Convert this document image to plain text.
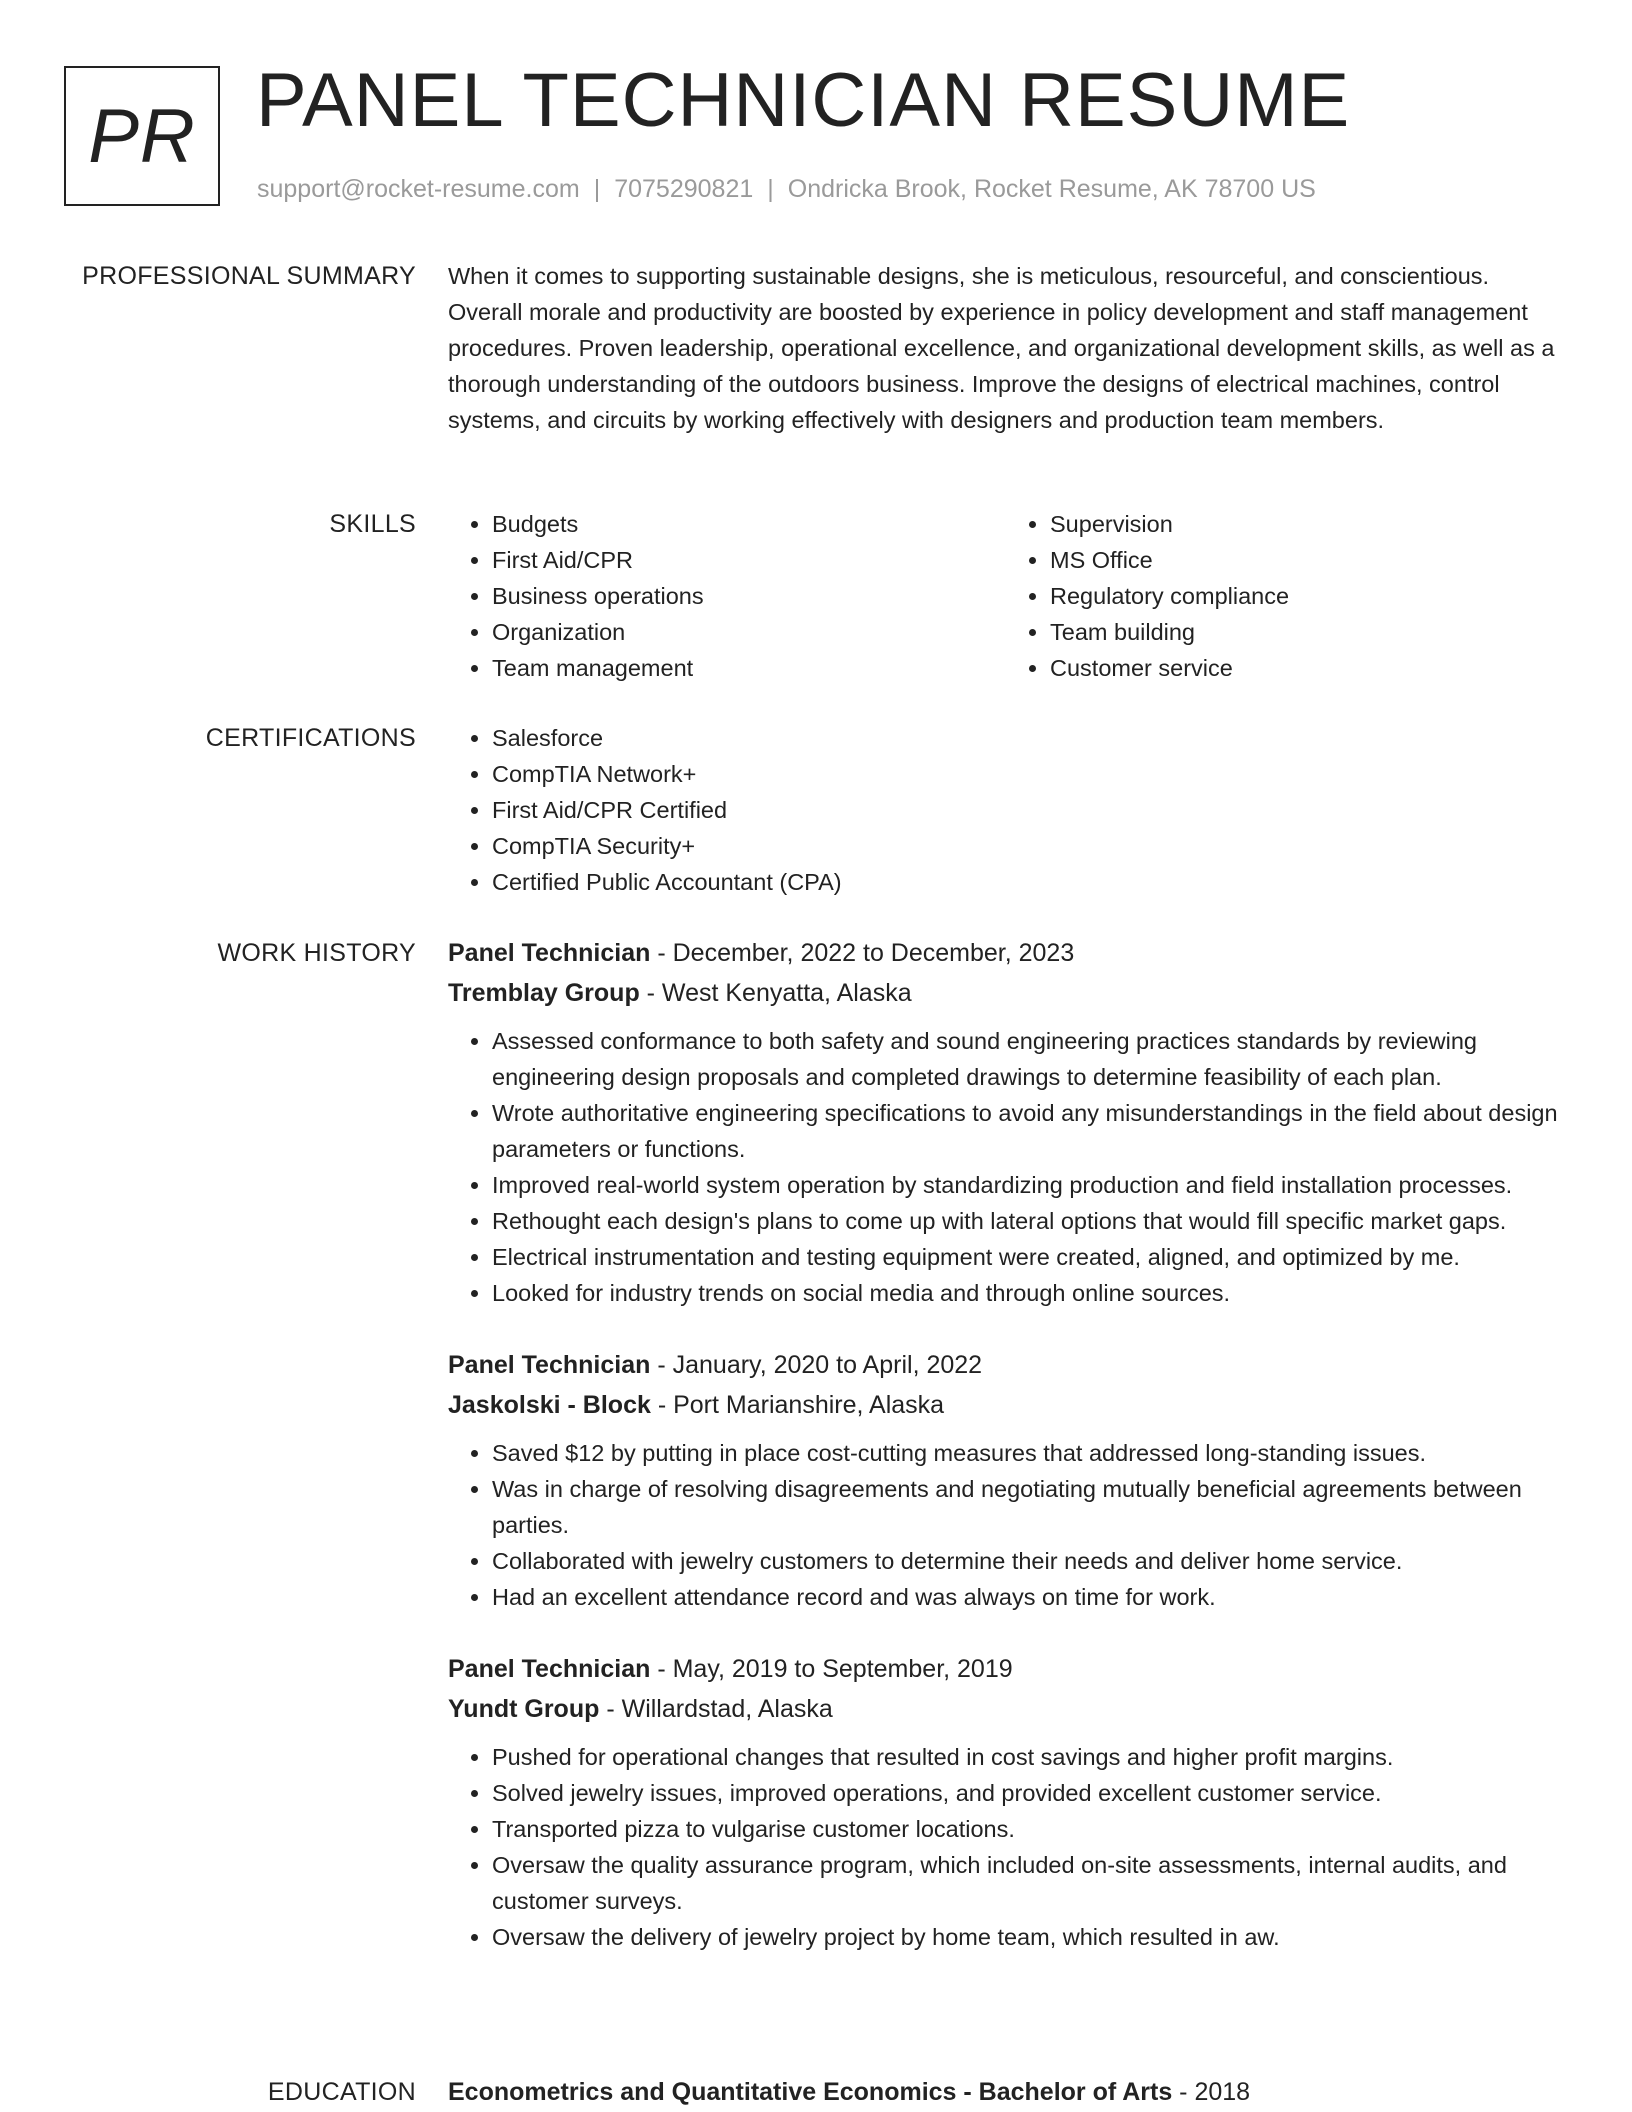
PR PANEL TECHNICIAN RESUME
support@rocket-resume.com | 7075290821 | Ondricka Brook, Rocket Resume, AK 78700 US
PROFESSIONAL SUMMARY When it comes to supporting sustainable designs, she is meticulous, resourceful, and conscientious. Overall morale and productivity are boosted by experience in policy development and staff management procedures. Proven leadership, operational excellence, and organizational development skills, as well as a thorough understanding of the outdoors business. Improve the designs of electrical machines, control systems, and circuits by working effectively with designers and production team members.

SKILLS	• Budgets
• First Aid/CPR
• Business operations
• Organization
• Team management
• Supervision
• MS Office
• Regulatory compliance
• Team building
• Customer service
CERTIFICATIONS	• Salesforce
• CompTIA Network+
• First Aid/CPR Certified
• CompTIA Security+
• Certified Public Accountant (CPA)
WORK HISTORY Panel Technician - December, 2022 to December, 2023
Tremblay Group - West Kenyatta, Alaska
• Assessed conformance to both safety and sound engineering practices standards by reviewing engineering design proposals and completed drawings to determine feasibility of each plan.
• Wrote authoritative engineering specifications to avoid any misunderstandings in the field about design parameters or functions.
• Improved real-world system operation by standardizing production and field installation processes.
• Rethought each design's plans to come up with lateral options that would fill specific market gaps.
• Electrical instrumentation and testing equipment were created, aligned, and optimized by me.
• Looked for industry trends on social media and through online sources.
Panel Technician - January, 2020 to April, 2022
Jaskolski - Block - Port Marianshire, Alaska
• Saved $12 by putting in place cost-cutting measures that addressed long-standing issues.
• Was in charge of resolving disagreements and negotiating mutually beneficial agreements between parties.
• Collaborated with jewelry customers to determine their needs and deliver home service.
• Had an excellent attendance record and was always on time for work.
Panel Technician - May, 2019 to September, 2019
Yundt Group - Willardstad, Alaska
• Pushed for operational changes that resulted in cost savings and higher profit margins.
• Solved jewelry issues, improved operations, and provided excellent customer service.
• Transported pizza to vulgarise customer locations.
• Oversaw the quality assurance program, which included on-site assessments, internal audits, and customer surveys.
• Oversaw the delivery of jewelry project by home team, which resulted in aw.
EDUCATION Econometrics and Quantitative Economics - Bachelor of Arts - 2018
